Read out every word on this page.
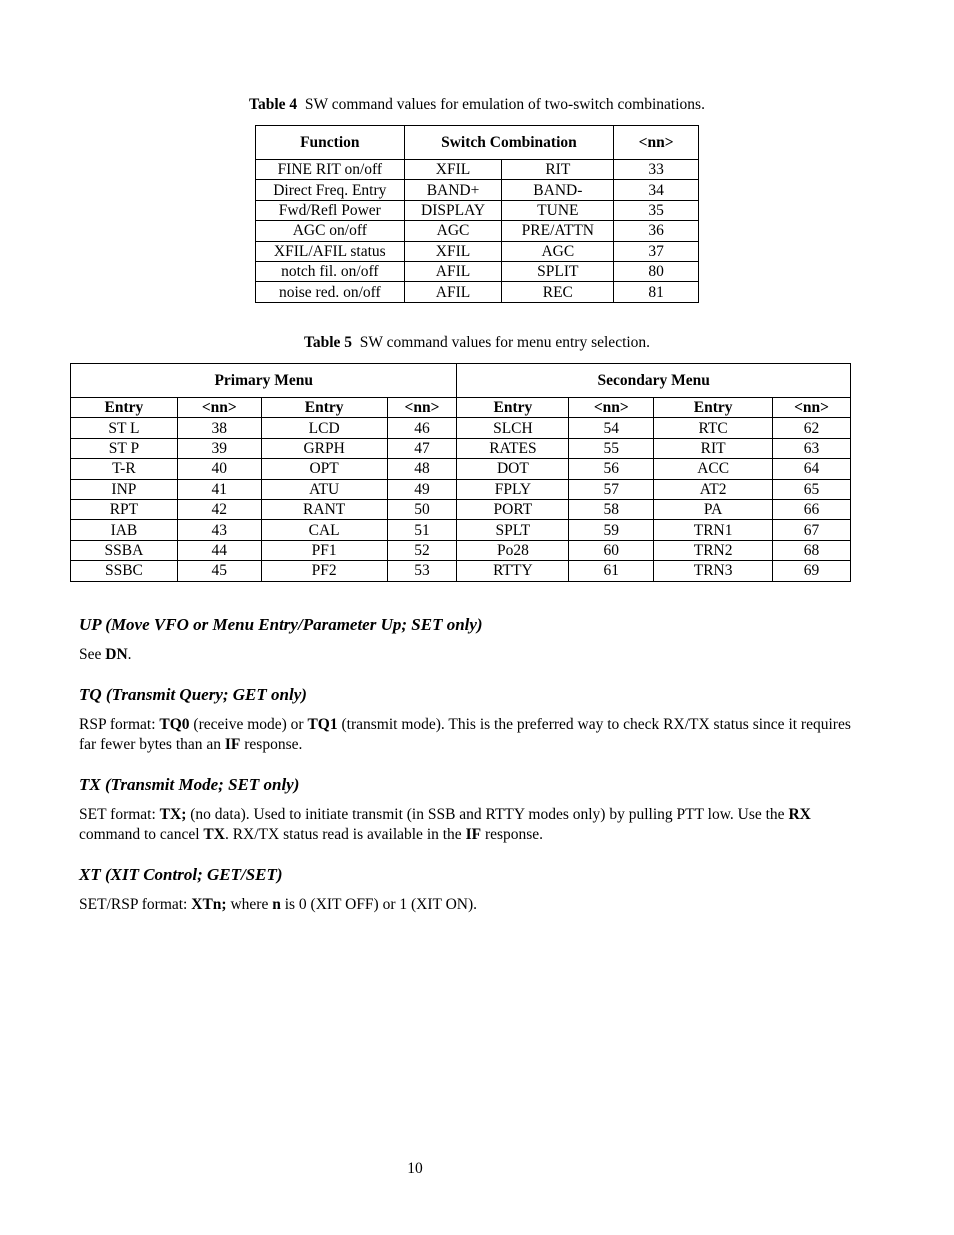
Table 4 SW command values for emulation of two-switch combinations.
Function	Switch Combination		<nn>
FINE RIT on/off	XFIL	RIT	33
Direct Freq. Entry	BAND+	BAND-	34
Fwd/Refl Power	DISPLAY	TUNE	35
AGC on/off	AGC	PRE/ATTN	36
XFIL/AFIL status	XFIL	AGC	37
notch fil. on/off	AFIL	SPLIT	80
noise red. on/off	AFIL	REC	81
Table 5 SW command values for menu entry selection.
Primary Menu				Secondary Menu			
Entry	<nn>	Entry	<nn>	Entry	<nn>	Entry	<nn>
ST L	38	LCD	46	SLCH	54	RTC	62
ST P	39	GRPH	47	RATES	55	RIT	63
T-R	40	OPT	48	DOT	56	ACC	64
INP	41	ATU	49	FPLY	57	AT2	65
RPT	42	RANT	50	PORT	58	PA	66
IAB	43	CAL	51	SPLT	59	TRN1	67
SSBA	44	PF1	52	Po28	60	TRN2	68
SSBC	45	PF2	53	RTTY	61	TRN3	69
UP (Move VFO or Menu Entry/Parameter Up; SET only)

See DN.

TQ (Transmit Query; GET only)

RSP format: TQ0 (receive mode) or TQ1 (transmit mode). This is the preferred way to check RX/TX status since it requires far fewer bytes than an IF response.

TX (Transmit Mode; SET only)

SET format: TX; (no data). Used to initiate transmit (in SSB and RTTY modes only) by pulling PTT low. Use the RX command to cancel TX. RX/TX status read is available in the IF response.

XT (XIT Control; GET/SET)

SET/RSP format: XTn; where n is 0 (XIT OFF) or 1 (XIT ON).

10
